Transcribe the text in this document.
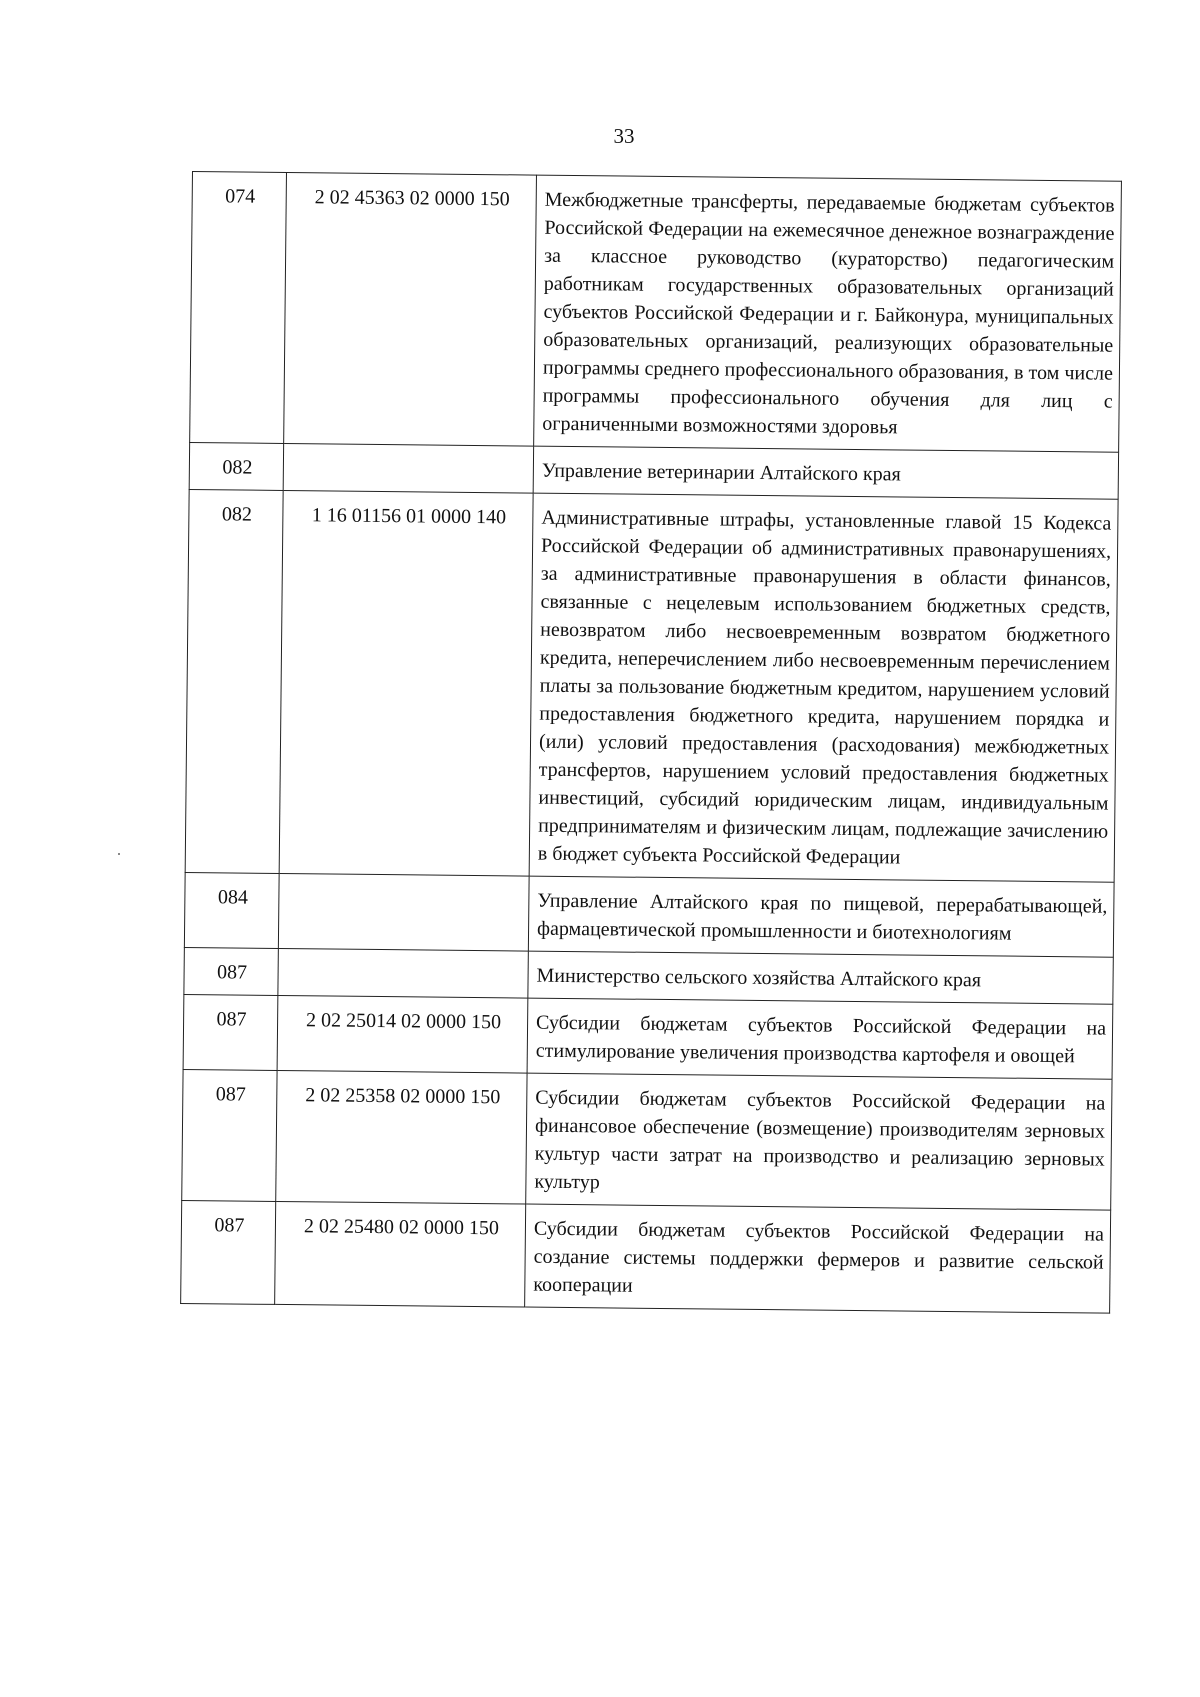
33
074	2 02 45363 02 0000 150	Межбюджетные трансферты, передаваемые бюджетам субъектов Российской Федерации на ежемесячное денежное вознаграждение за классное руководство (кураторство) педагогическим работникам государственных образовательных организаций субъектов Российской Федерации и г. Байконура, муниципальных образовательных организаций, реализующих образовательные программы среднего профессионального образования, в том числе программы профессионального обучения для лиц с ограниченными возможностями здоровья
082		Управление ветеринарии Алтайского края
082	1 16 01156 01 0000 140	Административные штрафы, установленные главой 15 Кодекса Российской Федерации об административных правонарушениях, за административные правонарушения в области финансов, связанные с нецелевым использованием бюджетных средств, невозвратом либо несвоевременным возвратом бюджетного кредита, неперечислением либо несвоевременным перечислением платы за пользование бюджетным кредитом, нарушением условий предоставления бюджетного кредита, нарушением порядка и (или) условий предоставления (расходования) межбюджетных трансфертов, нарушением условий предоставления бюджетных инвестиций, субсидий юридическим лицам, индивидуальным предпринимателям и физическим лицам, подлежащие зачислению в бюджет субъекта Российской Федерации
084		Управление Алтайского края по пищевой, перерабатывающей, фармацевтической промышленности и биотехнологиям
087		Министерство сельского хозяйства Алтайского края
087	2 02 25014 02 0000 150	Субсидии бюджетам субъектов Российской Федерации на стимулирование увеличения производства картофеля и овощей
087	2 02 25358 02 0000 150	Субсидии бюджетам субъектов Российской Федерации на финансовое обеспечение (возмещение) производителям зерновых культур части затрат на производство и реализацию зерновых культур
087	2 02 25480 02 0000 150	Субсидии бюджетам субъектов Российской Федерации на создание системы поддержки фермеров и развитие сельской кооперации
